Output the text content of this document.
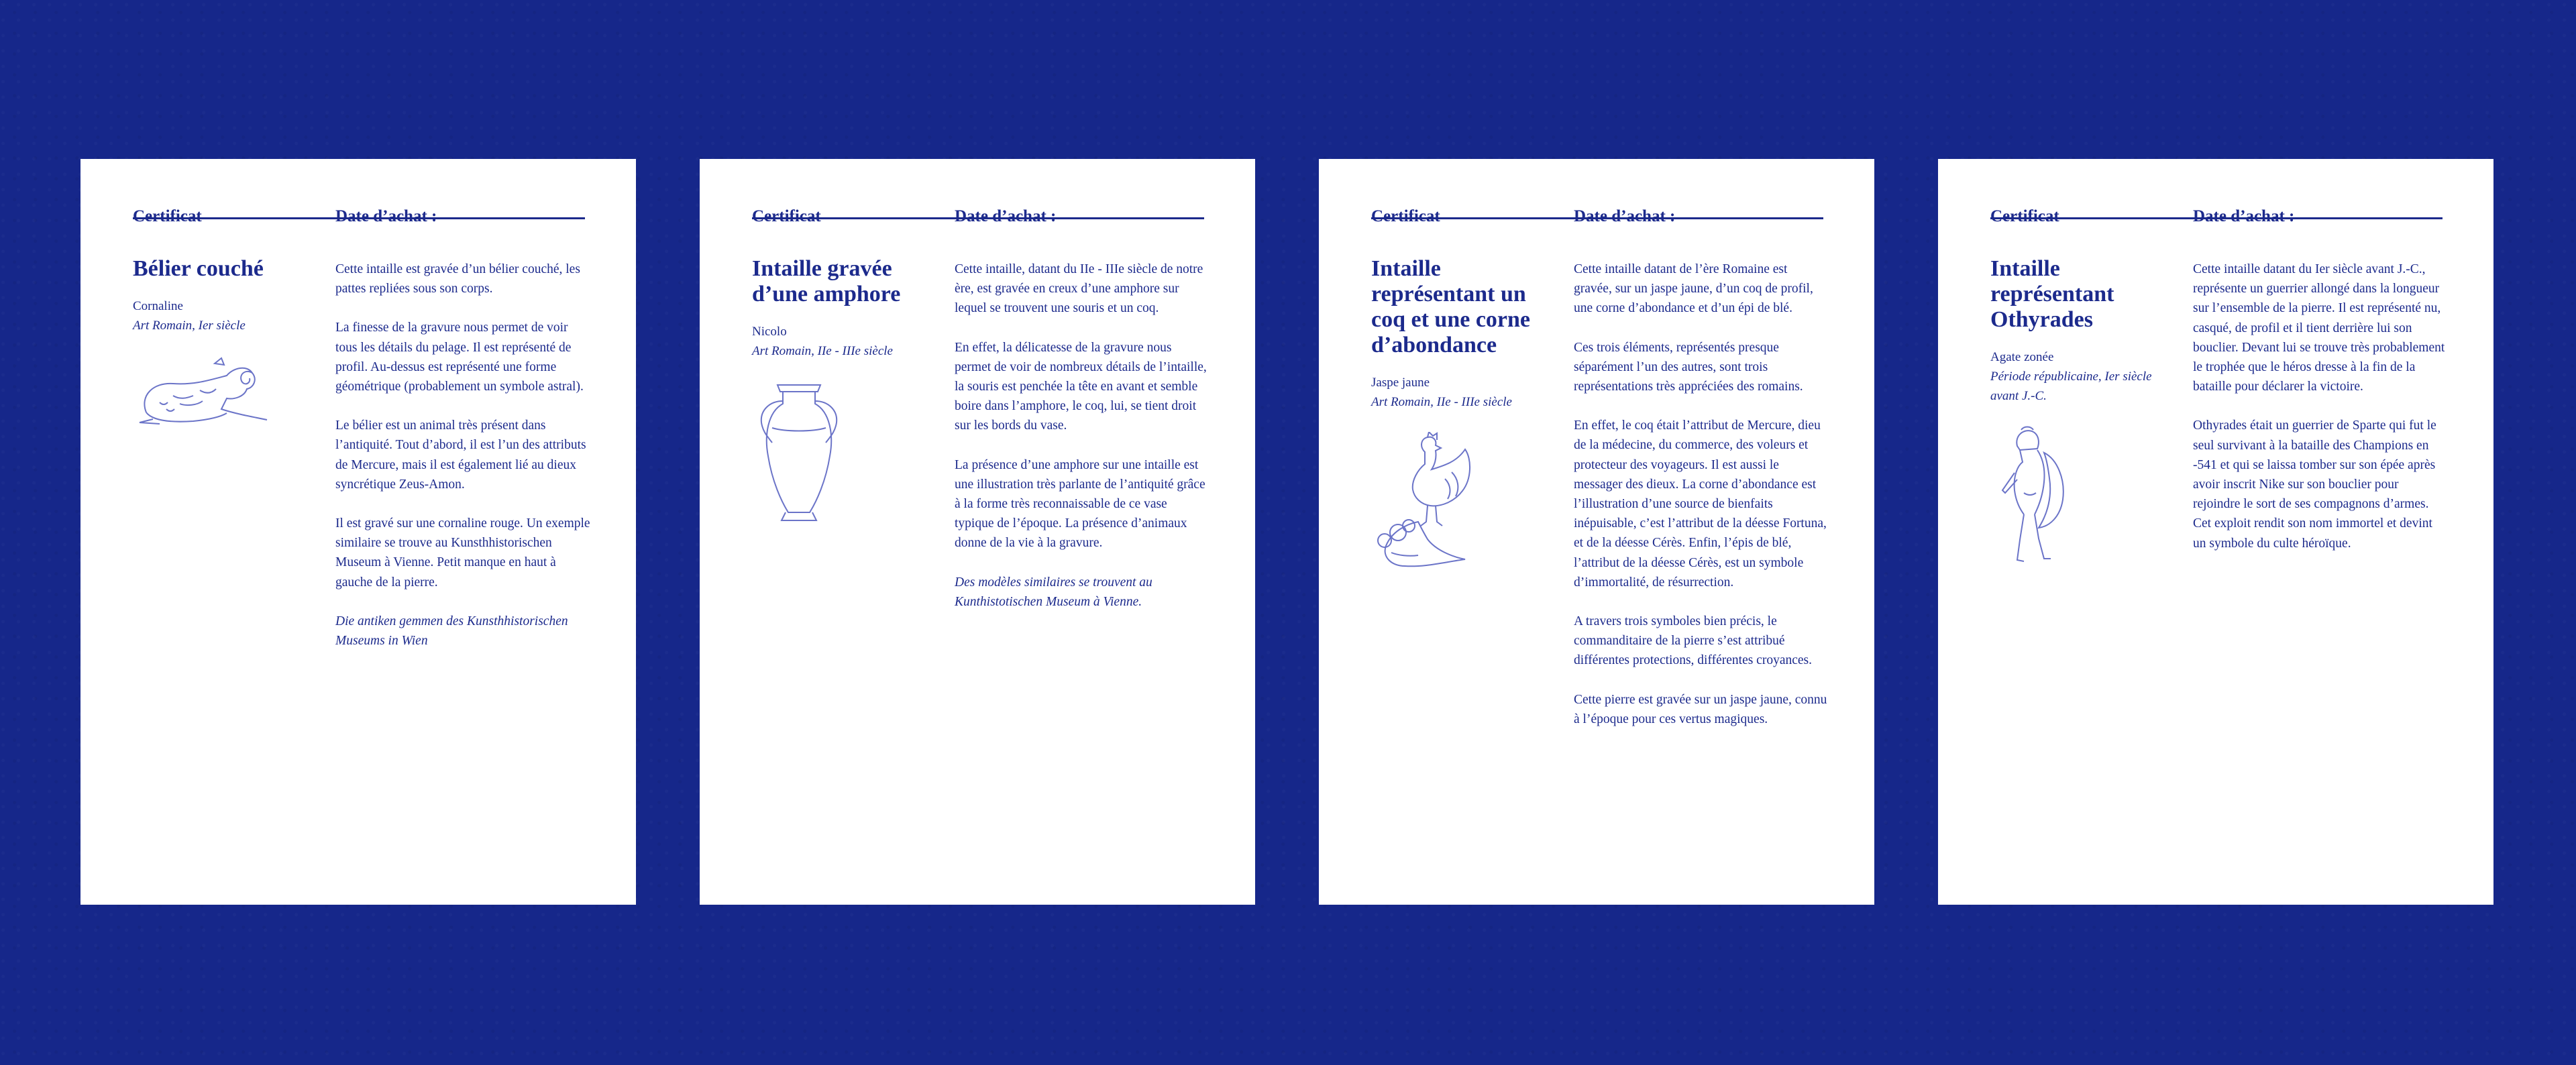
Certificat	Date d’achat :
Bélier couché
Cornaline
Art Romain, Ier siècle

Cette intaille est gravée d’un bélier couché, les pattes repliées sous son corps.

La finesse de la gravure nous permet de voir tous les détails du pelage. Il est représenté de profil. Au-dessus est représenté une forme géométrique (probablement un symbole astral).

Le bélier est un animal très présent dans l’antiquité. Tout d’abord, il est l’un des attributs de Mercure, mais il est également lié au dieux syncrétique Zeus-Amon.

Il est gravé sur une cornaline rouge. Un exemple similaire se trouve au Kunsthhistorischen Museum à Vienne. Petit manque en haut à gauche de la pierre.

Die antiken gemmen des Kunsthhistorischen Museums in Wien

Certificat	Date d’achat :
Intaille gravée d’une amphore
Nicolo
Art Romain, IIe - IIIe siècle

Cette intaille, datant du IIe - IIIe siècle de notre ère, est gravée en creux d’une amphore sur lequel se trouvent une souris et un coq.

En effet, la délicatesse de la gravure nous permet de voir de nombreux détails de l’intaille, la souris est penchée la tête en avant et semble boire dans l’amphore, le coq, lui, se tient droit sur les bords du vase.

La présence d’une amphore sur une intaille est une illustration très parlante de l’antiquité grâce à la forme très reconnaissable de ce vase typique de l’époque. La présence d’animaux donne de la vie à la gravure.

Des modèles similaires se trouvent au Kunthistotischen Museum à Vienne.

Certificat	Date d’achat :
Intaille représentant un coq et une corne d’abondance
Jaspe jaune
Art Romain, IIe - IIIe siècle

Cette intaille datant de l’ère Romaine est gravée, sur un jaspe jaune, d’un coq de profil, une corne d’abondance et d’un épi de blé.

Ces trois éléments, représentés presque séparément l’un des autres, sont trois représentations très appréciées des romains.

En effet, le coq était l’attribut de Mercure, dieu de la médecine, du commerce, des voleurs et protecteur des voyageurs. Il est aussi le messager des dieux. La corne d’abondance est l’illustration d’une source de bienfaits inépuisable, c’est l’attribut de la déesse Fortuna, et de la déesse Cérès. Enfin, l’épis de blé, l’attribut de la déesse Cérès, est un symbole d’immortalité, de résurrection.

A travers trois symboles bien précis, le commanditaire de la pierre s’est attribué différentes protections, différentes croyances.

Cette pierre est gravée sur un jaspe jaune, connu à l’époque pour ces vertus magiques.

Certificat	Date d’achat :
Intaille représentant Othyrades
Agate zonée
Période républicaine, Ier siècle avant J.-C.

Cette intaille datant du Ier siècle avant J.-C., représente un guerrier allongé dans la longueur sur l’ensemble de la pierre. Il est représenté nu, casqué, de profil et il tient derrière lui son bouclier. Devant lui se trouve très probablement le trophée que le héros dresse à la fin de la bataille pour déclarer la victoire.

Othyrades était un guerrier de Sparte qui fut le seul survivant à la bataille des Champions en -541 et qui se laissa tomber sur son épée après avoir inscrit Nike sur son bouclier pour rejoindre le sort de ses compagnons d’armes. Cet exploit rendit son nom immortel et devint un symbole du culte héroïque.
